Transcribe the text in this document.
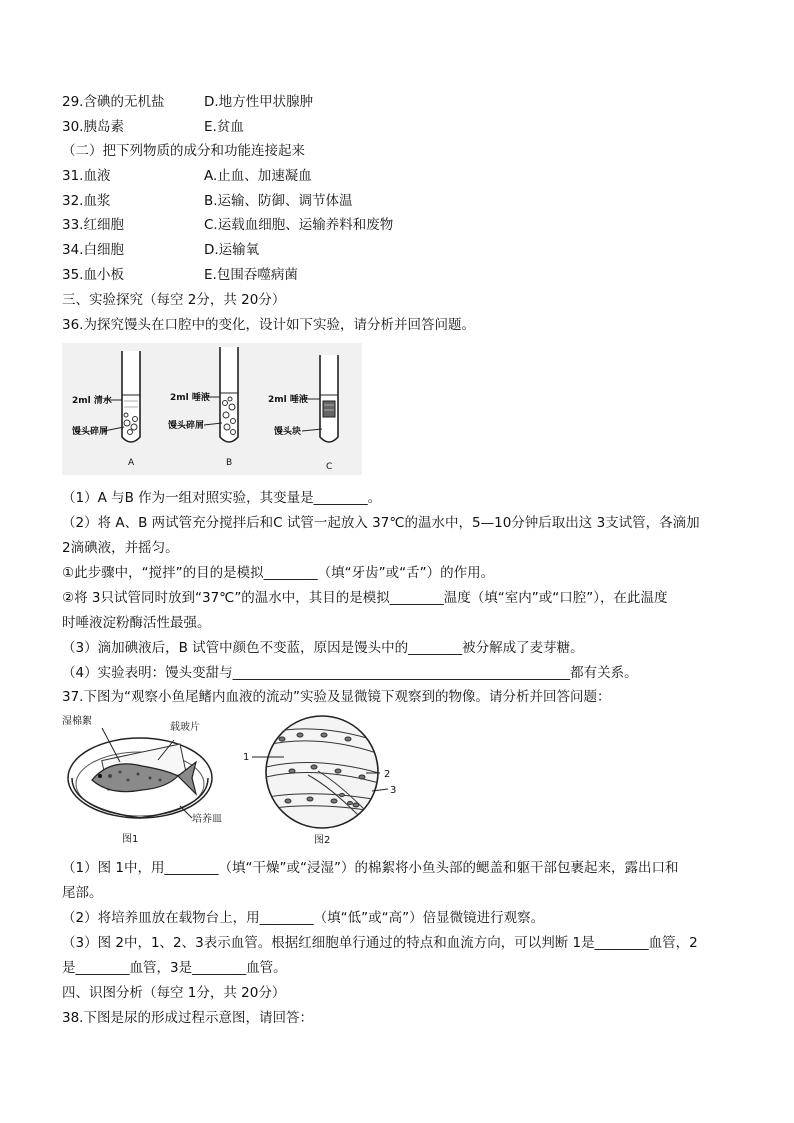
29.含碘的无机盐	D.地方性甲状腺肿
30.胰岛素	E.贫血
（二）把下列物质的成分和功能连接起来
31.血液	A.止血、加速凝血
32.血浆	B.运输、防御、调节体温
33.红细胞	C.运载血细胞、运输养料和废物
34.白细胞	D.运输氧
35.血小板	E.包围吞噬病菌
三、实验探究（每空 2分，共 20分）
36.为探究馒头在口腔中的变化，设计如下实验，请分析并回答问题。
2ml 清水
馒头碎屑
A
2ml 唾液
馒头碎屑
B
2ml 唾液
馒头块
C
（1）A 与B 作为一组对照实验，其变量是________。
（2）将 A、B 两试管充分搅拌后和C 试管一起放入 37℃的温水中，5—10分钟后取出这 3支试管，各滴加
2滴碘液，并摇匀。
①此步骤中，“搅拌”的目的是模拟________（填“牙齿”或“舌”）的作用。
②将 3只试管同时放到“37℃”的温水中，其目的是模拟________温度（填“室内”或“口腔”），在此温度
时唾液淀粉酶活性最强。
（3）滴加碘液后，B 试管中颜色不变蓝，原因是馒头中的________被分解成了麦芽糖。
（4）实验表明：馒头变甜与__________________________________________________都有关系。
37.下图为“观察小鱼尾鳍内血液的流动”实验及显微镜下观察到的物像。请分析并回答问题：
湿棉絮
载玻片
培养皿
图1
1
2
3
图2
（1）图 1中，用________（填“干燥”或“浸湿”）的棉絮将小鱼头部的鳃盖和躯干部包裹起来，露出口和
尾部。
（2）将培养皿放在载物台上，用________（填“低”或“高”）倍显微镜进行观察。
（3）图 2中，1、2、3表示血管。根据红细胞单行通过的特点和血流方向，可以判断 1是________血管，2
是________血管，3是________血管。
四、识图分析（每空 1分，共 20分）
38.下图是尿的形成过程示意图，请回答：
